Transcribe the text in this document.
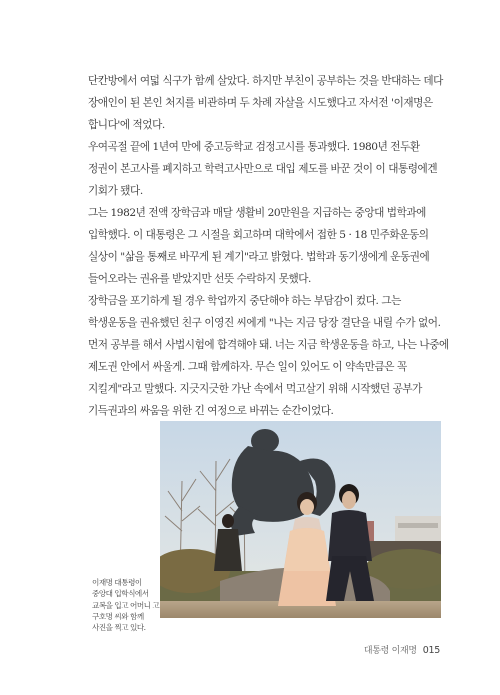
단칸방에서 여덟 식구가 함께 살았다. 하지만 부친이 공부하는 것을 반대하는 데다 장애인이 된 본인 처지를 비관하며 두 차례 자살을 시도했다고 자서전 '이재명은 합니다'에 적었다.

우여곡절 끝에 1년여 만에 중고등학교 검정고시를 통과했다. 1980년 전두환 정권이 본고사를 폐지하고 학력고사만으로 대입 제도를 바꾼 것이 이 대통령에겐 기회가 됐다.

그는 1982년 전액 장학금과 매달 생활비 20만원을 지급하는 중앙대 법학과에 입학했다. 이 대통령은 그 시절을 회고하며 대학에서 접한 5 · 18 민주화운동의 실상이 "삶을 통째로 바꾸게 된 계기"라고 밝혔다. 법학과 동기생에게 운동권에 들어오라는 권유를 받았지만 선뜻 수락하지 못했다.

장학금을 포기하게 될 경우 학업까지 중단해야 하는 부담감이 컸다. 그는 학생운동을 권유했던 친구 이영진 씨에게 "나는 지금 당장 결단을 내릴 수가 없어. 먼저 공부를 해서 사법시험에 합격해야 돼. 너는 지금 학생운동을 하고, 나는 나중에 제도권 안에서 싸울게. 그때 함께하자. 무슨 일이 있어도 이 약속만큼은 꼭 지킬게"라고 말했다. 지긋지긋한 가난 속에서 먹고살기 위해 시작했던 공부가 기득권과의 싸움을 위한 긴 여정으로 바뀌는 순간이었다.

이재명 대통령이 중앙대 입학식에서 교복을 입고 어머니 고 구호명 씨와 함께 사진을 찍고 있다.
대통령 이재명 015
